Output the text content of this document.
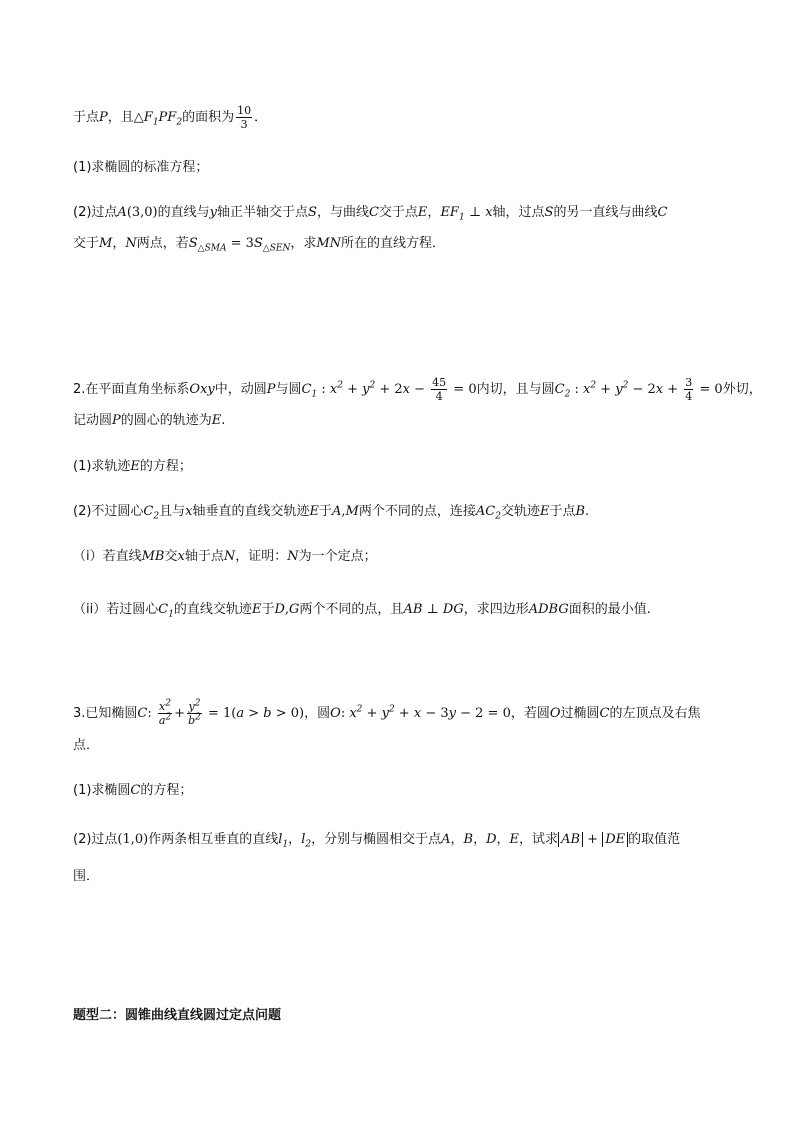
于点P，且$\triangle F_1PF_2$的面积为 $\frac{10}{3}$ ．
(1)求椭圆的标准方程；
(2)过点A(3,0)的直线与y轴正半轴交于点S，与曲线C交于点E，$EF_1$ ⊥ x轴，过点S的另一直线与曲线C
交于M，N两点，若$S_{\triangle SMA} = 3S_{\triangle SEN}$，求MN所在的直线方程．
2.在平面直角坐标系Oxy中，动圆P与圆$C_1$ : $x^2 + y^2 + 2x - \frac{45}{4} = 0$内切，且与圆$C_2$ : $x^2 + y^2 - 2x + \frac{3}{4} = 0$外切，
记动圆P的圆心的轨迹为E.
(1)求轨迹E的方程；
(2)不过圆心$C_2$且与x轴垂直的直线交轨迹E于A,M两个不同的点，连接$AC_2$交轨迹E于点B.
（i）若直线MB交x轴于点N，证明：N为一个定点；
（ii）若过圆心$C_1$的直线交轨迹E于D,G两个不同的点，且AB ⊥ DG，求四边形ADBG面积的最小值.
3.已知椭圆C: $\frac{x^2}{a^2} + \frac{y^2}{b^2} = 1(a > b > 0)$，圆O: $x^2 + y^2 + x - 3y - 2 = 0$，若圆O过椭圆C的左顶点及右焦
点．
(1)求椭圆C的方程；
(2)过点(1,0)作两条相互垂直的直线$l_1$，$l_2$，分别与椭圆相交于点A，B，D，E，试求 AB + DE 的取值范
围．
题型二：圆锥曲线直线圆过定点问题
